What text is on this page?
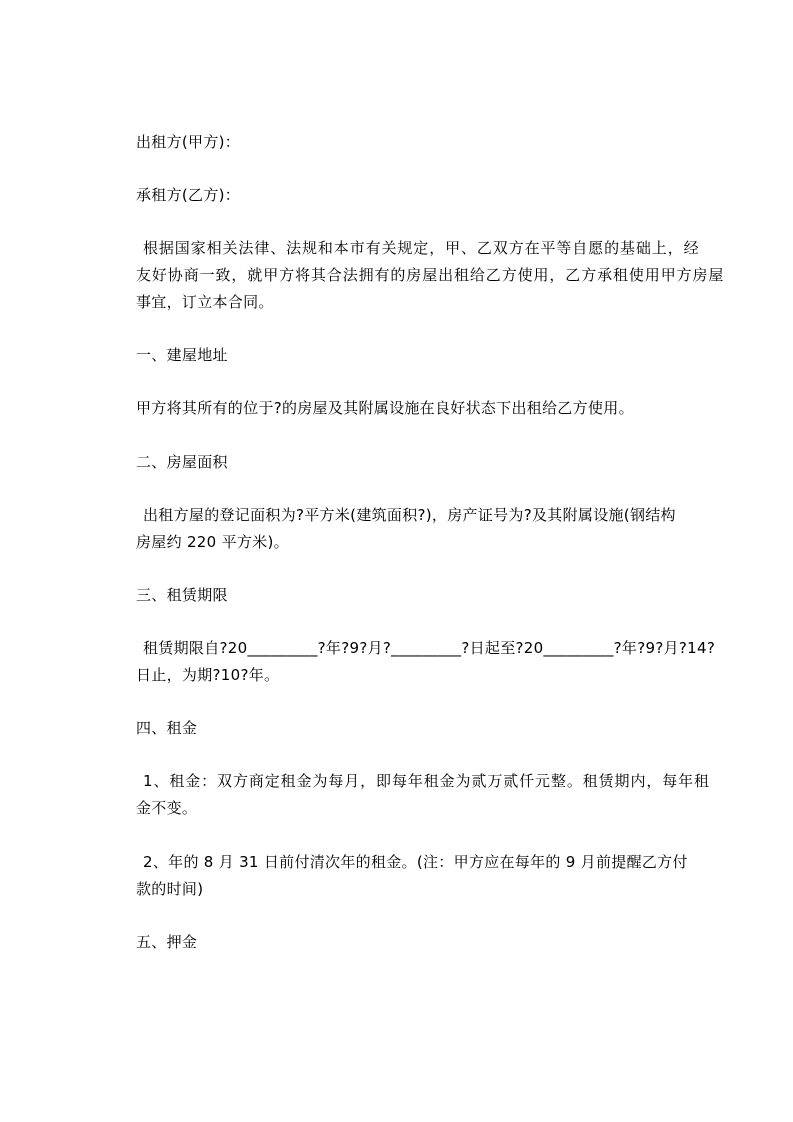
出租方(甲方)：
承租方(乙方)：
根据国家相关法律、法规和本市有关规定，甲、乙双方在平等自愿的基础上，经
友好协商一致，就甲方将其合法拥有的房屋出租给乙方使用，乙方承租使用甲方房屋
事宜，订立本合同。
一、建屋地址
甲方将其所有的位于?的房屋及其附属设施在良好状态下出租给乙方使用。
二、房屋面积
出租方屋的登记面积为?平方米(建筑面积?)，房产证号为?及其附属设施(钢结构
房屋约 220 平方米)。
三、租赁期限
租赁期限自?20_________?年?9?月?_________?日起至?20_________?年?9?月?14?
日止，为期?10?年。
四、租金
1、租金：双方商定租金为每月，即每年租金为贰万贰仟元整。租赁期内，每年租
金不变。
2、年的 8 月 31 日前付清次年的租金。(注：甲方应在每年的 9 月前提醒乙方付
款的时间)
五、押金
